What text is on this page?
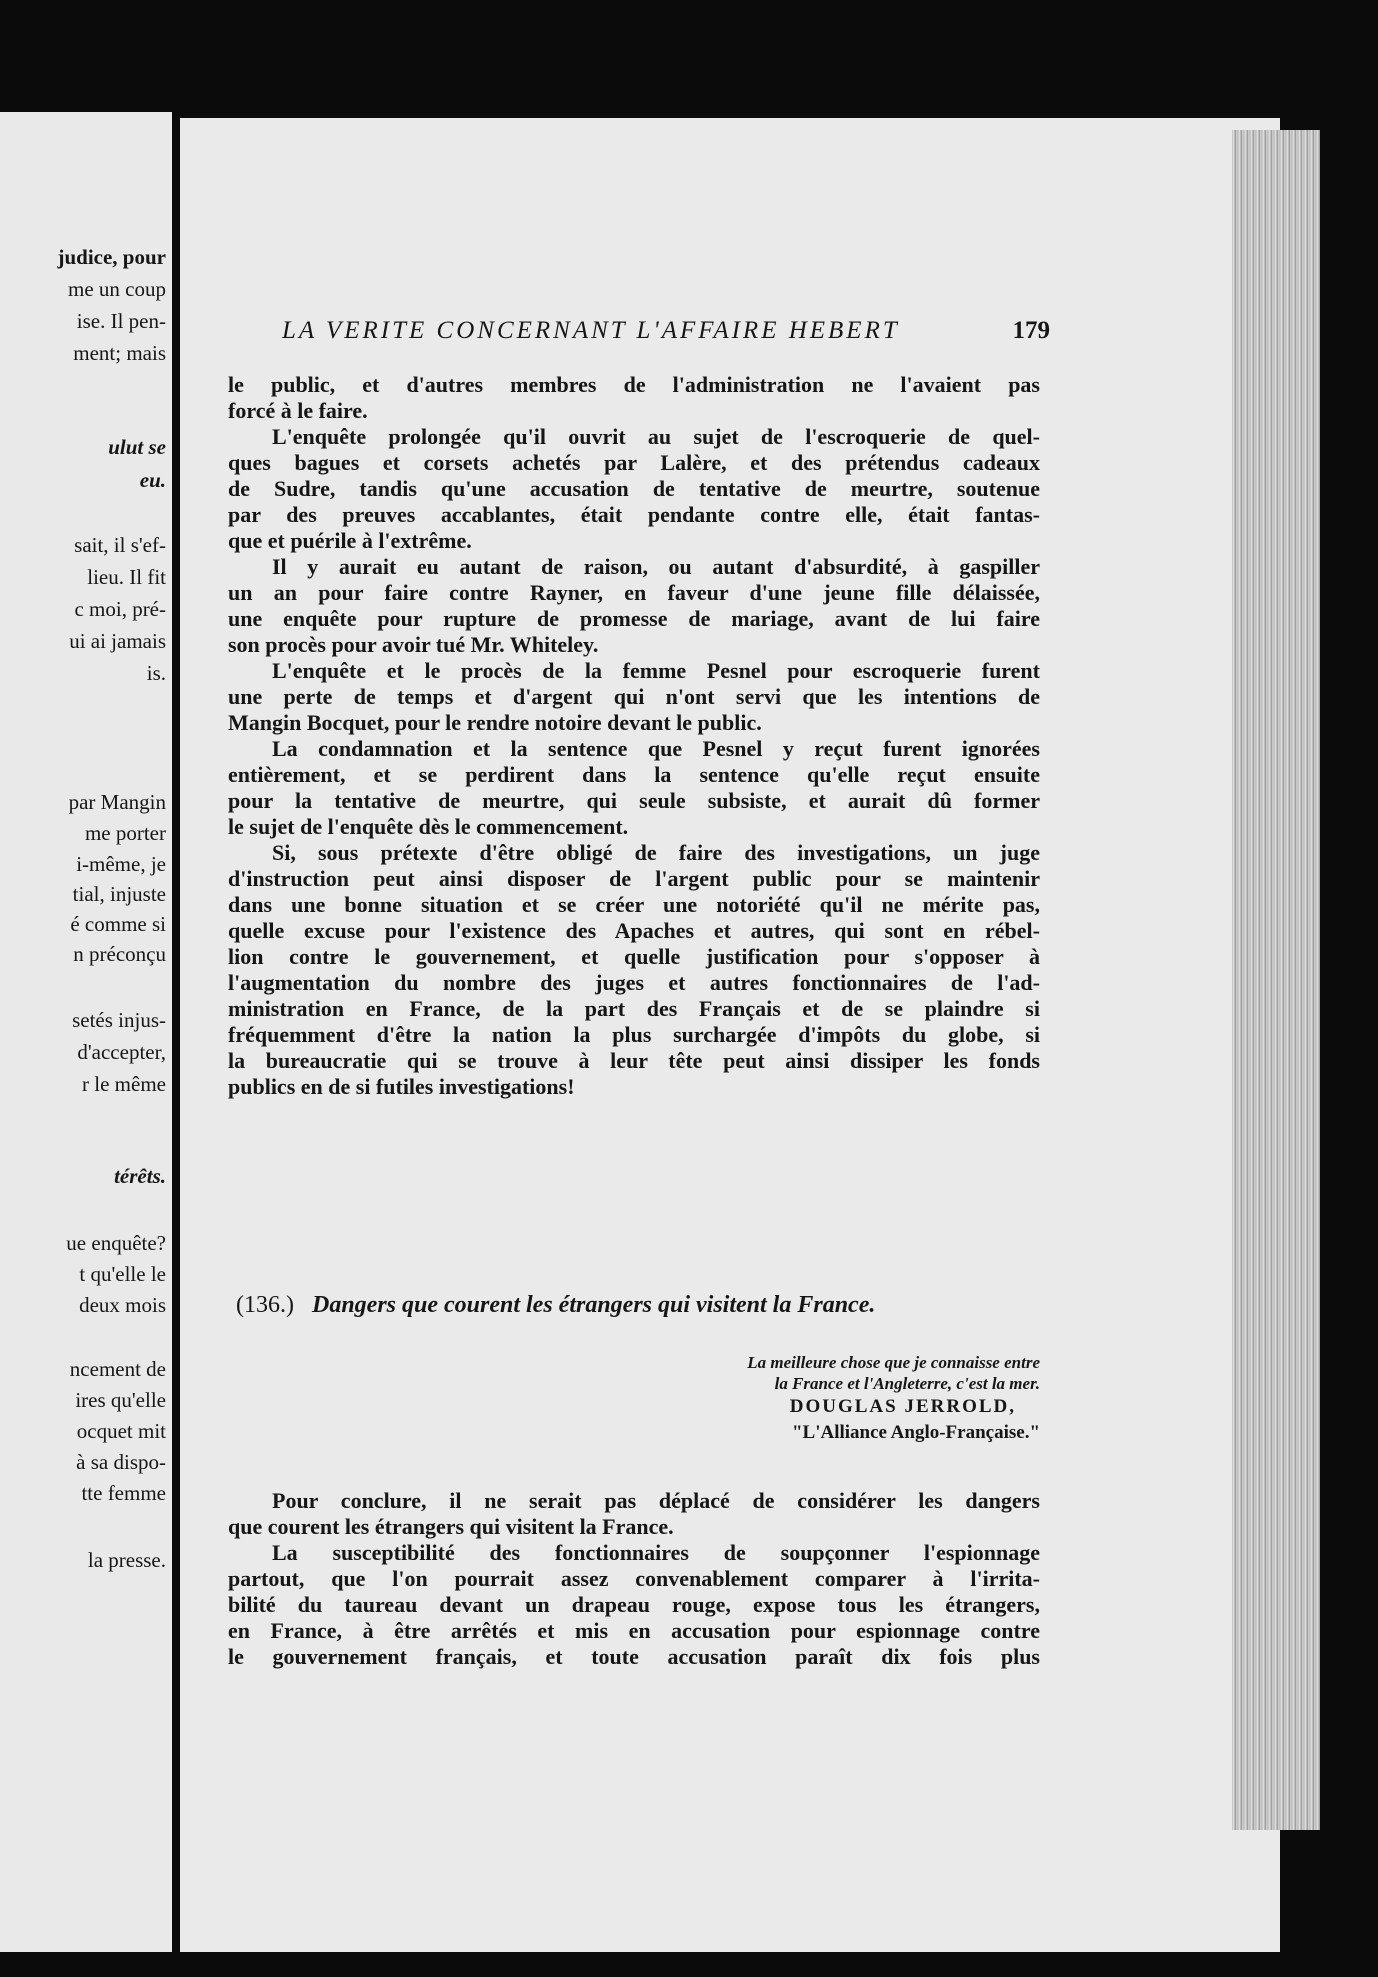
judice, pour
me un coup
ise. Il pen-
ment; mais
ulut se
eu.
sait, il s'ef-
lieu. Il fit
c moi, pré-
ui ai jamais
is.
par Mangin
me porter
i-même, je
tial, injuste
é comme si
n préconçu
setés injus-
d'accepter,
r le même
térêts.
ue enquête?
t qu'elle le
deux mois
ncement de
ires qu'elle
ocquet mit
à sa dispo-
tte femme
la presse.
LA VERITE CONCERNANT L'AFFAIRE HEBERT	179
le public, et d'autres membres de l'administration ne l'avaient pas
forcé à le faire.
L'enquête prolongée qu'il ouvrit au sujet de l'escroquerie de quel-
ques bagues et corsets achetés par Lalère, et des prétendus cadeaux
de Sudre, tandis qu'une accusation de tentative de meurtre, soutenue
par des preuves accablantes, était pendante contre elle, était fantas-
que et puérile à l'extrême.
Il y aurait eu autant de raison, ou autant d'absurdité, à gaspiller
un an pour faire contre Rayner, en faveur d'une jeune fille délaissée,
une enquête pour rupture de promesse de mariage, avant de lui faire
son procès pour avoir tué Mr. Whiteley.
L'enquête et le procès de la femme Pesnel pour escroquerie furent
une perte de temps et d'argent qui n'ont servi que les intentions de
Mangin Bocquet, pour le rendre notoire devant le public.
La condamnation et la sentence que Pesnel y reçut furent ignorées
entièrement, et se perdirent dans la sentence qu'elle reçut ensuite
pour la tentative de meurtre, qui seule subsiste, et aurait dû former
le sujet de l'enquête dès le commencement.
Si, sous prétexte d'être obligé de faire des investigations, un juge
d'instruction peut ainsi disposer de l'argent public pour se maintenir
dans une bonne situation et se créer une notoriété qu'il ne mérite pas,
quelle excuse pour l'existence des Apaches et autres, qui sont en rébel-
lion contre le gouvernement, et quelle justification pour s'opposer à
l'augmentation du nombre des juges et autres fonctionnaires de l'ad-
ministration en France, de la part des Français et de se plaindre si
fréquemment d'être la nation la plus surchargée d'impôts du globe, si
la bureaucratie qui se trouve à leur tête peut ainsi dissiper les fonds
publics en de si futiles investigations!
(136.) Dangers que courent les étrangers qui visitent la France.
La meilleure chose que je connaisse entre
la France et l'Angleterre, c'est la mer.
DOUGLAS JERROLD,
"L'Alliance Anglo-Française."
Pour conclure, il ne serait pas déplacé de considérer les dangers
que courent les étrangers qui visitent la France.
La susceptibilité des fonctionnaires de soupçonner l'espionnage
partout, que l'on pourrait assez convenablement comparer à l'irrita-
bilité du taureau devant un drapeau rouge, expose tous les étrangers,
en France, à être arrêtés et mis en accusation pour espionnage contre
le gouvernement français, et toute accusation paraît dix fois plus
